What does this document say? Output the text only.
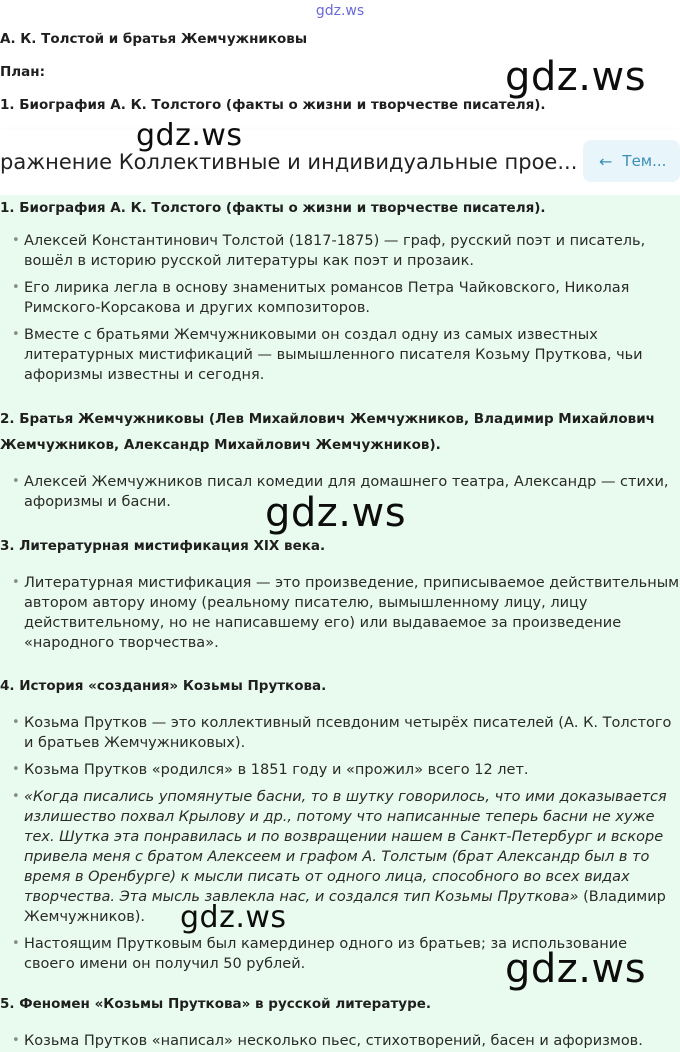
gdz.ws
А. К. Толстой и братья Жемчужниковы
План:
1. Биография А. К. Толстого (факты о жизни и творчестве писателя).
ражнение Коллективные и индивидуальные прое... ← Тем...

1. Биография А. К. Толстого (факты о жизни и творчестве писателя).

• Алексей Константинович Толстой (1817-1875) — граф, русский поэт и писатель, вошёл в историю русской литературы как поэт и прозаик.
• Его лирика легла в основу знаменитых романсов Петра Чайковского, Николая Римского-Корсакова и других композиторов.
• Вместе с братьями Жемчужниковыми он создал одну из самых известных литературных мистификаций — вымышленного писателя Козьму Пруткова, чьи афоризмы известны и сегодня.

2. Братья Жемчужниковы (Лев Михайлович Жемчужников, Владимир Михайлович Жемчужников, Александр Михайлович Жемчужников).

• Алексей Жемчужников писал комедии для домашнего театра, Александр — стихи, афоризмы и басни.

3. Литературная мистификация XIX века.

• Литературная мистификация — это произведение, приписываемое действительным автором автору иному (реальному писателю, вымышленному лицу, лицу действительному, но не написавшему его) или выдаваемое за произведение «народного творчества».

4. История «создания» Козьмы Пруткова.

• Козьма Прутков — это коллективный псевдоним четырёх писателей (А. К. Толстого и братьев Жемчужниковых).
• Козьма Прутков «родился» в 1851 году и «прожил» всего 12 лет.
• «Когда писались упомянутые басни, то в шутку говорилось, что ими доказывается излишество похвал Крылову и др., потому что написанные теперь басни не хуже тех. Шутка эта понравилась и по возвращении нашем в Санкт-Петербург и вскоре привела меня с братом Алексеем и графом А. Толстым (брат Александр был в то время в Оренбурге) к мысли писать от одного лица, способного во всех видах творчества. Эта мысль завлекла нас, и создался тип Козьмы Пруткова» (Владимир Жемчужников).
• Настоящим Прутковым был камердинер одного из братьев; за использование своего имени он получил 50 рублей.

5. Феномен «Козьмы Пруткова» в русской литературе.

• Козьма Прутков «написал» несколько пьес, стихотворений, басен и афоризмов.
gdz.ws
gdz.ws
gdz.ws
gdz.ws
gdz.ws
